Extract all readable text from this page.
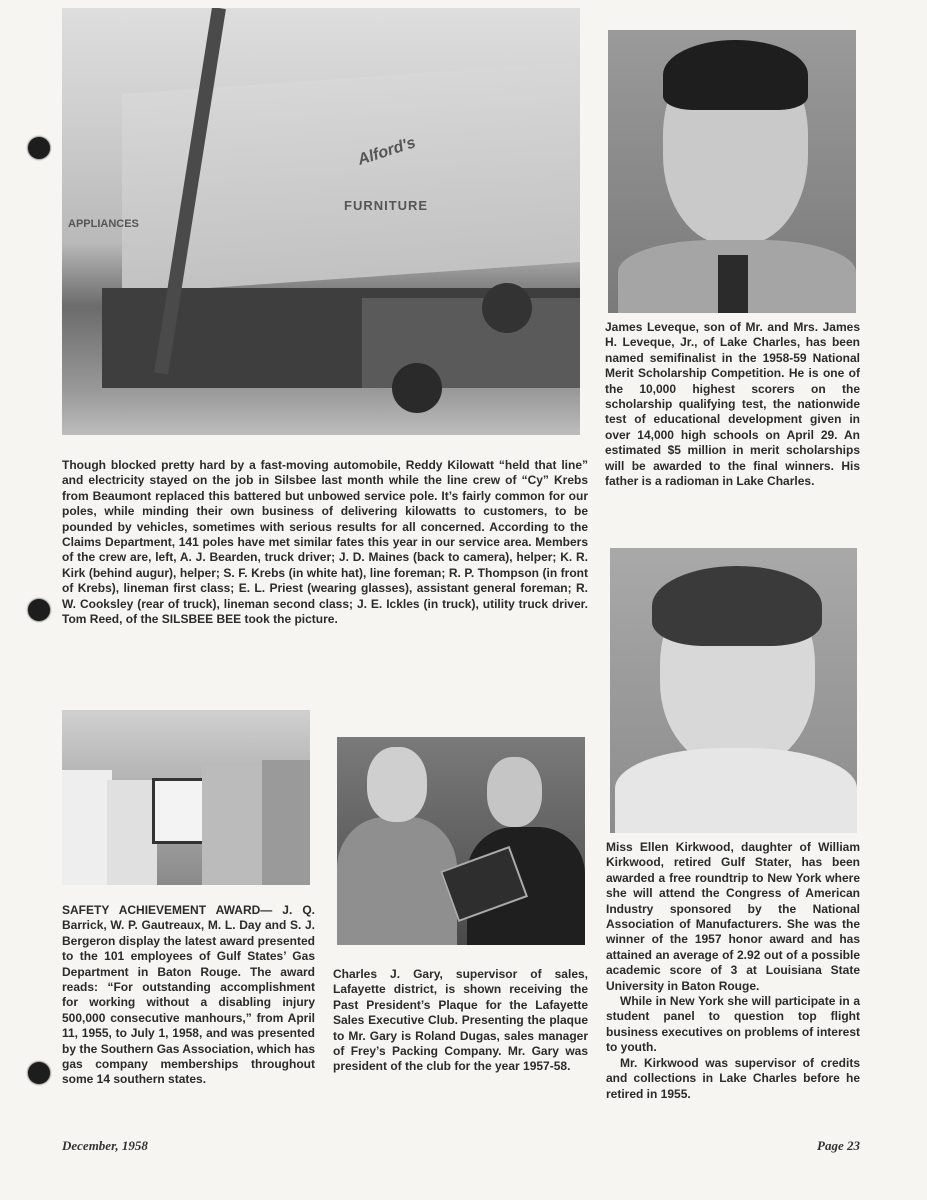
Alford's
FURNITURE
APPLIANCES
Though blocked pretty hard by a fast-moving automobile, Reddy Kilowatt “held that line” and electricity stayed on the job in Silsbee last month while the line crew of “Cy” Krebs from Beaumont replaced this battered but unbowed service pole. It’s fairly common for our poles, while minding their own business of delivering kilowatts to customers, to be pounded by vehicles, sometimes with serious results for all concerned. According to the Claims Department, 141 poles have met similar fates this year in our service area. Members of the crew are, left, A. J. Bearden, truck driver; J. D. Maines (back to camera), helper; K. R. Kirk (behind augur), helper; S. F. Krebs (in white hat), line foreman; R. P. Thompson (in front of Krebs), lineman first class; E. L. Priest (wearing glasses), assistant general foreman; R. W. Cooksley (rear of truck), lineman second class; J. E. Ickles (in truck), utility truck driver. Tom Reed, of the SILSBEE BEE took the picture.
James Leveque, son of Mr. and Mrs. James H. Leveque, Jr., of Lake Charles, has been named semifinalist in the 1958-59 National Merit Scholarship Competition. He is one of the 10,000 highest scorers on the scholarship qualifying test, the nationwide test of educational development given in over 14,000 high schools on April 29. An estimated $5 million in merit scholarships will be awarded to the final winners. His father is a radioman in Lake Charles.

Miss Ellen Kirkwood, daughter of William Kirkwood, retired Gulf Stater, has been awarded a free roundtrip to New York where she will attend the Congress of American Industry sponsored by the National Association of Manufacturers. She was the winner of the 1957 honor award and has attained an average of 2.92 out of a possible academic score of 3 at Louisiana State University in Baton Rouge.

While in New York she will participate in a student panel to question top flight business executives on problems of interest to youth.

Mr. Kirkwood was supervisor of credits and collections in Lake Charles before he retired in 1955.

SAFETY ACHIEVEMENT AWARD— J. Q. Barrick, W. P. Gautreaux, M. L. Day and S. J. Bergeron display the latest award presented to the 101 employees of Gulf States’ Gas Department in Baton Rouge. The award reads: “For outstanding accomplishment for working without a disabling injury 500,000 consecutive manhours,” from April 11, 1955, to July 1, 1958, and was presented by the Southern Gas Association, which has gas company memberships throughout some 14 southern states.
Charles J. Gary, supervisor of sales, Lafayette district, is shown receiving the Past President’s Plaque for the Lafayette Sales Executive Club. Presenting the plaque to Mr. Gary is Roland Dugas, sales manager of Frey’s Packing Company. Mr. Gary was president of the club for the year 1957-58.
December, 1958	Page 23
